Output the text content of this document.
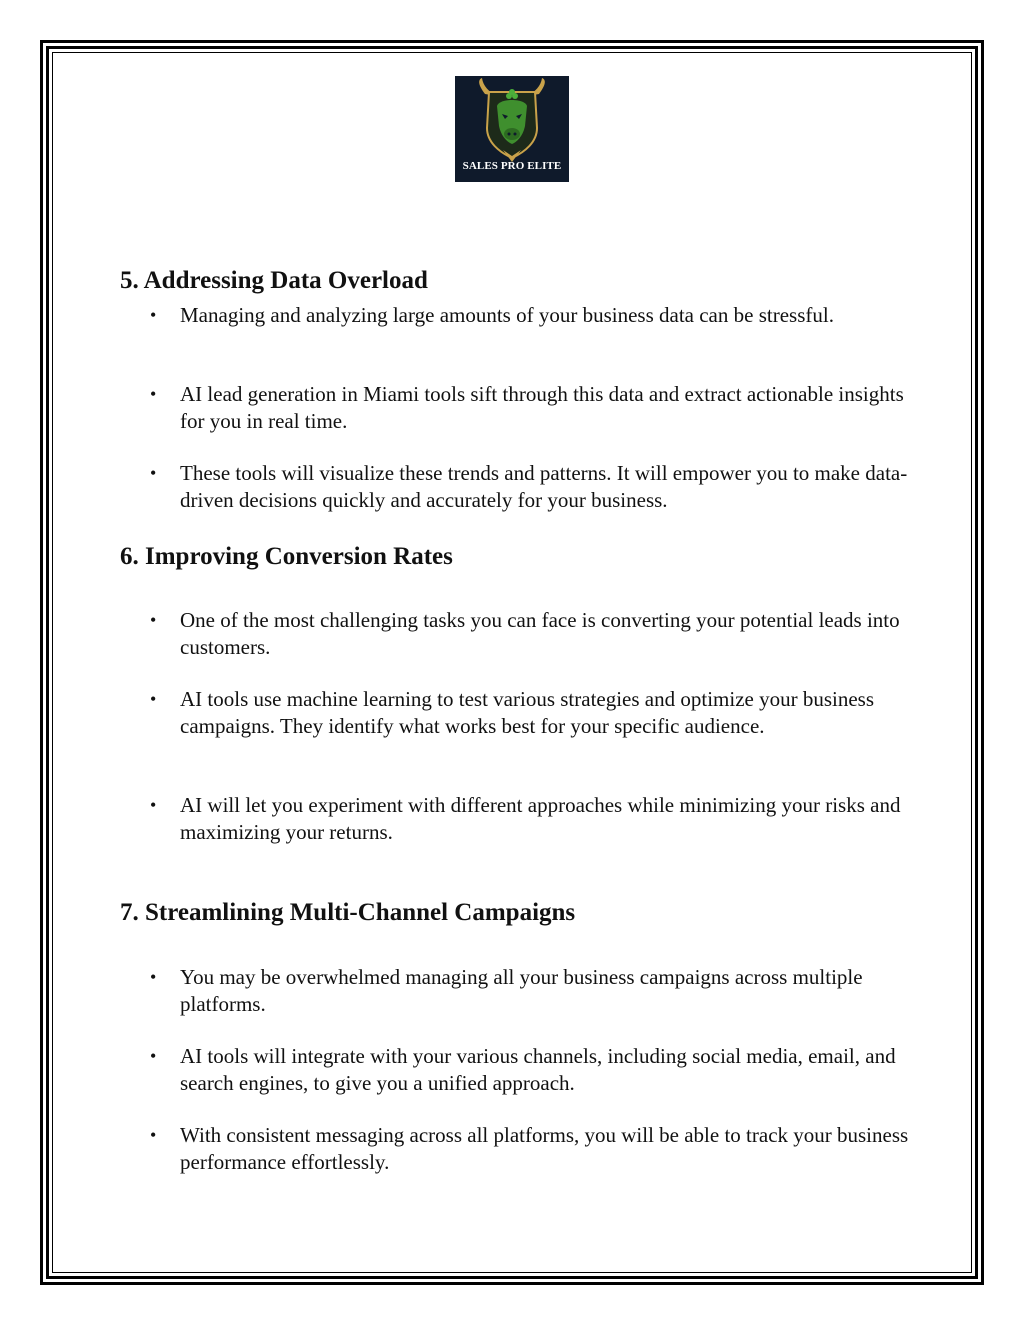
SALES PRO ELITE
5. Addressing Data Overload
• Managing and analyzing large amounts of your business data can be stressful.
• AI lead generation in Miami tools sift through this data and extract actionable insights for you in real time.
• These tools will visualize these trends and patterns. It will empower you to make data-driven decisions quickly and accurately for your business.
6. Improving Conversion Rates
• One of the most challenging tasks you can face is converting your potential leads into customers.
• AI tools use machine learning to test various strategies and optimize your business campaigns. They identify what works best for your specific audience.
• AI will let you experiment with different approaches while minimizing your risks and maximizing your returns.
7. Streamlining Multi-Channel Campaigns
• You may be overwhelmed managing all your business campaigns across multiple platforms.
• AI tools will integrate with your various channels, including social media, email, and search engines, to give you a unified approach.
• With consistent messaging across all platforms, you will be able to track your business performance effortlessly.
